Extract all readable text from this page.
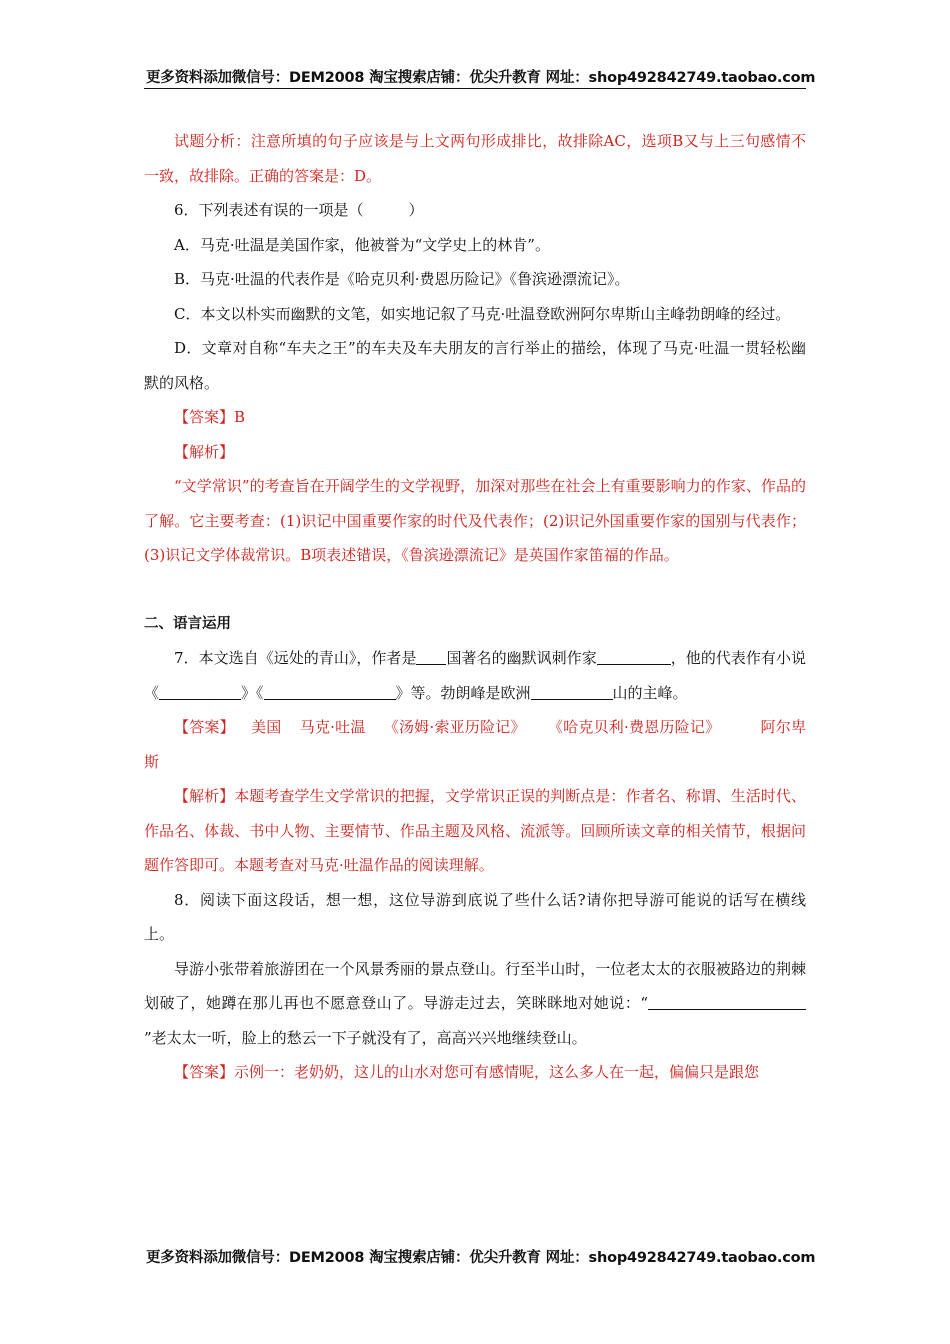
更多资料添加微信号：DEM2008 淘宝搜索店铺：优尖升教育 网址：shop492842749.taobao.com

试题分析：注意所填的句子应该是与上文两句形成排比，故排除AC，选项B又与上三句感情不一致，故排除。正确的答案是：D。

6．下列表述有误的一项是（　　　）

A．马克·吐温是美国作家，他被誉为“文学史上的林肯”。

B．马克·吐温的代表作是《哈克贝利·费恩历险记》《鲁滨逊漂流记》。

C．本文以朴实而幽默的文笔，如实地记叙了马克·吐温登欧洲阿尔卑斯山主峰勃朗峰的经过。

D．文章对自称“车夫之王”的车夫及车夫朋友的言行举止的描绘，体现了马克·吐温一贯轻松幽默的风格。

【答案】B

【解析】

“文学常识”的考查旨在开阔学生的文学视野，加深对那些在社会上有重要影响力的作家、作品的了解。它主要考查：(1)识记中国重要作家的时代及代表作；(2)识记外国重要作家的国别与代表作；(3)识记文学体裁常识。B项表述错误，《鲁滨逊漂流记》是英国作家笛福的作品。

二、语言运用

7．本文选自《远处的青山》，作者是 国著名的幽默讽刺作家	，他的代表作有小说《	》《	》等。勃朗峰是欧洲	山的主峰。

【答案】 美国 马克·吐温 《汤姆·索亚历险记》 《哈克贝利·费恩历险记》	阿尔卑斯

【解析】本题考查学生文学常识的把握，文学常识正误的判断点是：作者名、称谓、生活时代、作品名、体裁、书中人物、主要情节、作品主题及风格、流派等。回顾所读文章的相关情节，根据问题作答即可。本题考查对马克·吐温作品的阅读理解。

8．阅读下面这段话，想一想，这位导游到底说了些什么话?请你把导游可能说的话写在横线上。

导游小张带着旅游团在一个风景秀丽的景点登山。行至半山时，一位老太太的衣服被路边的荆棘划破了，她蹲在那儿再也不愿意登山了。导游走过去，笑眯眯地对她说：“”老太太一听，脸上的愁云一下子就没有了，高高兴兴地继续登山。

【答案】示例一：老奶奶，这儿的山水对您可有感情呢，这么多人在一起，偏偏只是跟您

更多资料添加微信号：DEM2008 淘宝搜索店铺：优尖升教育 网址：shop492842749.taobao.com
